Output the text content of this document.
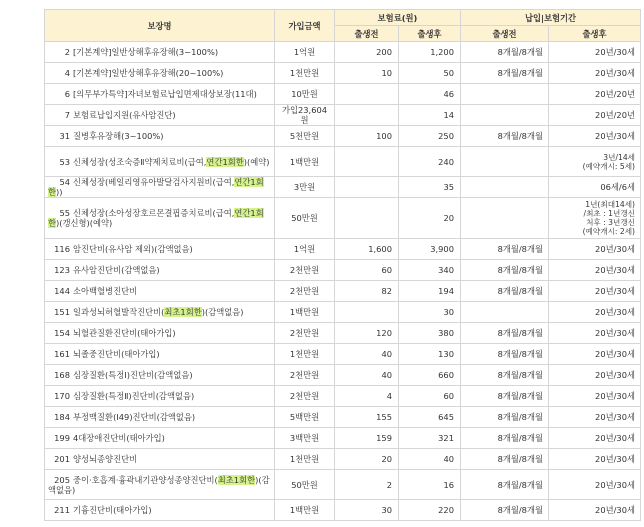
보장명	가입금액	보험료(원)		납입|보험기간	
		출생전	출생후	출생전	출생후
2 [기본계약]일반상해후유장해(3~100%)	1억원	200	1,200	8개월/8개월	20년/30세
4 [기본계약]일반상해후유장해(20~100%)	1천만원	10	50	8개월/8개월	20년/30세
6 [의무부가특약]자녀보험료납입면제대상보장(11대)	10만원		46		20년/20년
7 보험료납입지원(유사암진단)	가입23,604원		14		20년/20년
31 질병후유장해(3~100%)	5천만원	100	250	8개월/8개월	20년/30세
53 신체성장(성조숙증Ⅱ약제치료비(급여,연간1회한)(예약)	1백만원		240		3년/14세
(예약개시: 5세)

54 신체성장(베일리영유아발달검사지원비(급여,연간1회한))	3만원		35		06세/6세
55 신체성장(소아성장호르몬결핍증치료비(급여,연간1회한)(갱신형)(예약)	50만원		20		1년(최대14세)
/최초 : 1년갱신
처후 : 3년갱신
(예약개시: 2세)

116 암진단비(유사암 제외)(감액없음)	1억원	1,600	3,900	8개월/8개월	20년/30세
123 유사암진단비(감액없음)	2천만원	60	340	8개월/8개월	20년/30세
144 소아백혈병진단비	2천만원	82	194	8개월/8개월	20년/30세
151 일과성뇌허혈발작진단비(최초1회한)(감액없음)	1백만원		30		20년/30세
154 뇌혈관질환진단비(태아가입)	2천만원	120	380	8개월/8개월	20년/30세
161 뇌졸중진단비(태아가입)	1천만원	40	130	8개월/8개월	20년/30세
168 심장질환(특정Ⅰ)진단비(감액없음)	2천만원	40	660	8개월/8개월	20년/30세
170 심장질환(특정Ⅱ)진단비(감액없음)	2천만원	4	60	8개월/8개월	20년/30세
184 부정맥질환(Ⅰ49)진단비(감액없음)	5백만원	155	645	8개월/8개월	20년/30세
199 4대장애진단비(태아가입)	3백만원	159	321	8개월/8개월	20년/30세
201 양성뇌종양진단비	1천만원	20	40	8개월/8개월	20년/30세
205 중이·호흡계·흉곽내기관양성종양진단비(최초1회한)(감액없음)	50만원	2	16	8개월/8개월	20년/30세
211 기흉진단비(태아가입)	1백만원	30	220	8개월/8개월	20년/30세
